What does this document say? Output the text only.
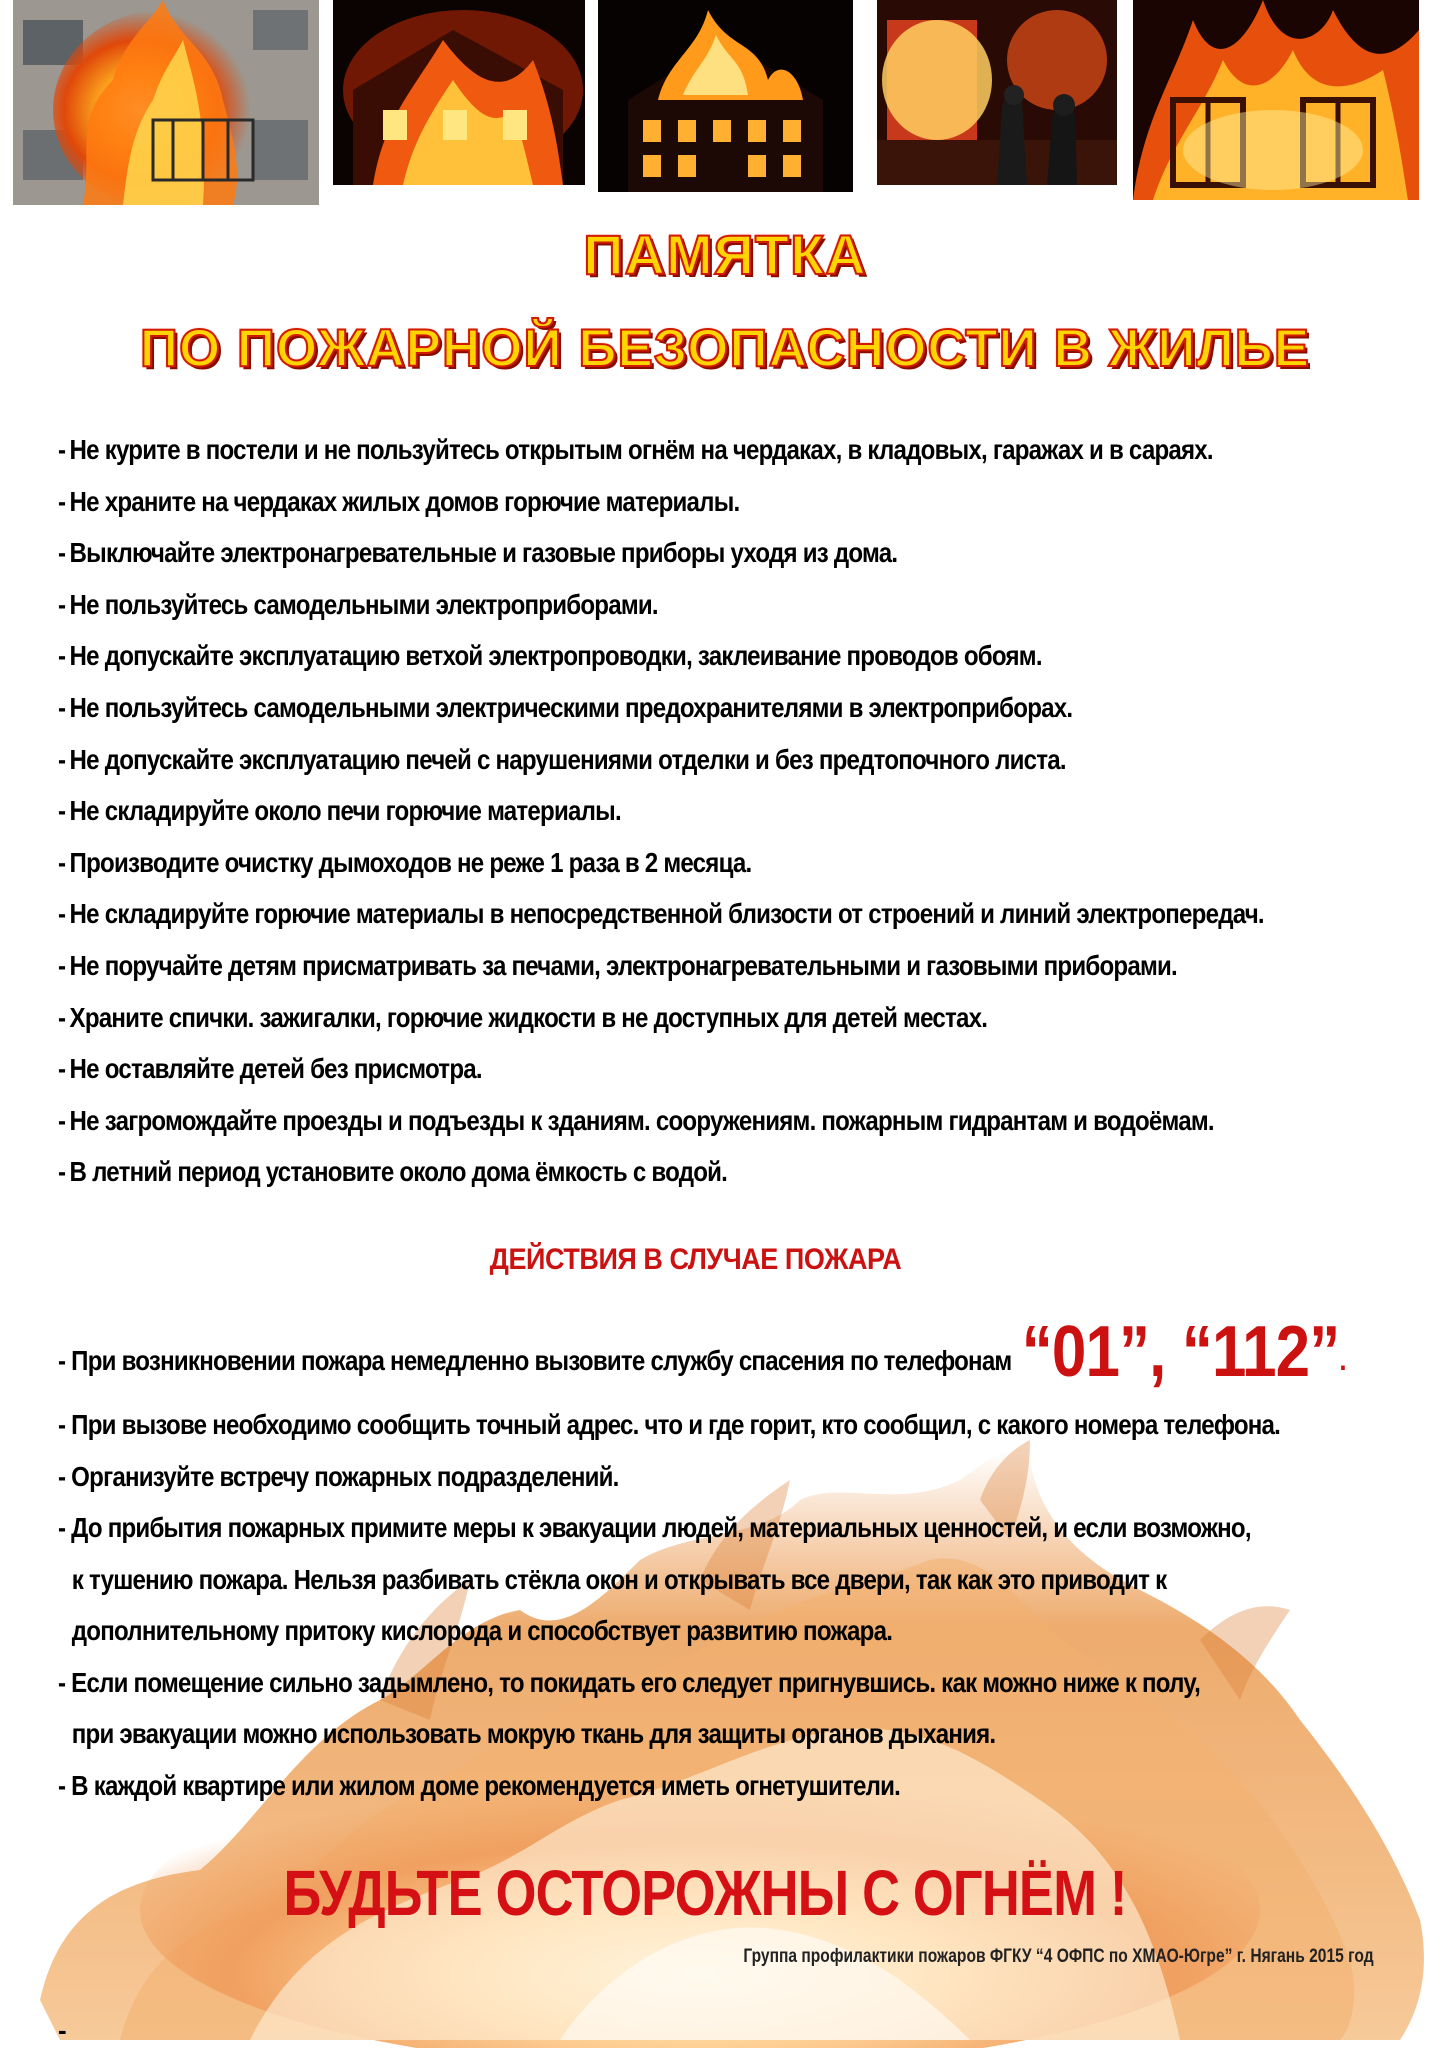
ПАМЯТКА
ПО ПОЖАРНОЙ БЕЗОПАСНОСТИ В ЖИЛЬЕ
- Не курите в постели и не пользуйтесь открытым огнём на чердаках, в кладовых, гаражах и в сараях.
- Не храните на чердаках жилых домов горючие материалы.
- Выключайте электронагревательные и газовые приборы уходя из дома.
- Не пользуйтесь самодельными электроприборами.
- Не допускайте эксплуатацию ветхой электропроводки, заклеивание проводов обоям.
- Не пользуйтесь самодельными электрическими предохранителями в электроприборах.
- Не допускайте эксплуатацию печей с нарушениями отделки и без предтопочного листа.
- Не складируйте около печи горючие материалы.
- Производите очистку дымоходов не реже 1 раза в 2 месяца.
- Не складируйте горючие материалы в непосредственной близости от строений и линий электропередач.
- Не поручайте детям присматривать за печами, электронагревательными и газовыми приборами.
- Храните спички. зажигалки, горючие жидкости в не доступных для детей местах.
- Не оставляйте детей без присмотра.
- Не загромождайте проезды и подъезды к зданиям. сооружениям. пожарным гидрантам и водоёмам.
- В летний период установите около дома ёмкость с водой.
ДЕЙСТВИЯ В СЛУЧАЕ ПОЖАРА
- При возникновении пожара немедленно вызовите службу спасения по телефонам “01”, “112”.
- При вызове необходимо сообщить точный адрес. что и где горит, кто сообщил, с какого номера телефона.
- Организуйте встречу пожарных подразделений.
- До прибытия пожарных примите меры к эвакуации людей, материальных ценностей, и если возможно,
к тушению пожара. Нельзя разбивать стёкла окон и открывать все двери, так как это приводит к
дополнительному притоку кислорода и способствует развитию пожара.
- Если помещение сильно задымлено, то покидать его следует пригнувшись. как можно ниже к полу,
при эвакуации можно использовать мокрую ткань для защиты органов дыхания.
- В каждой квартире или жилом доме рекомендуется иметь огнетушители.
БУДЬТЕ ОСТОРОЖНЫ С ОГНЁМ !
Группа профилактики пожаров ФГКУ “4 ОФПС по ХМАО-Югре” г. Нягань 2015 год
-
